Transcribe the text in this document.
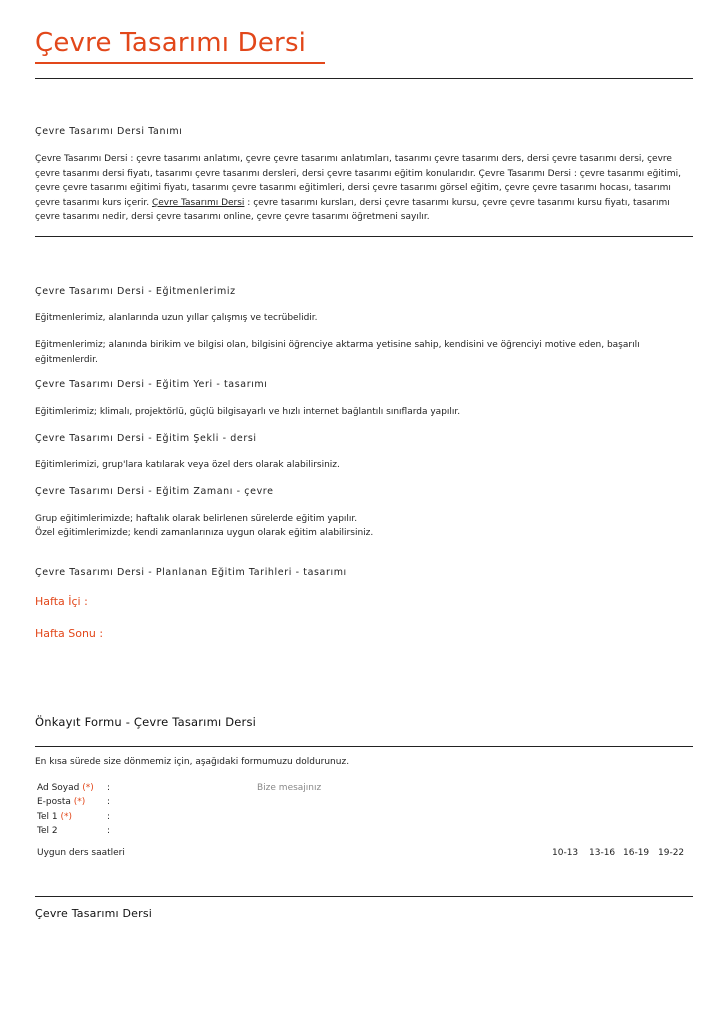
Çevre Tasarımı Dersi

Çevre Tasarımı Dersi Tanımı

Çevre Tasarımı Dersi : çevre tasarımı anlatımı, çevre çevre tasarımı anlatımları, tasarımı çevre tasarımı ders, dersi çevre tasarımı dersi, çevre çevre tasarımı dersi fiyatı, tasarımı çevre tasarımı dersleri, dersi çevre tasarımı eğitim konularıdır. Çevre Tasarımı Dersi : çevre tasarımı eğitimi, çevre çevre tasarımı eğitimi fiyatı, tasarımı çevre tasarımı eğitimleri, dersi çevre tasarımı görsel eğitim, çevre çevre tasarımı hocası, tasarımı çevre tasarımı kurs içerir. Çevre Tasarımı Dersi : çevre tasarımı kursları, dersi çevre tasarımı kursu, çevre çevre tasarımı kursu fiyatı, tasarımı çevre tasarımı nedir, dersi çevre tasarımı online, çevre çevre tasarımı öğretmeni sayılır.

Çevre Tasarımı Dersi - Eğitmenlerimiz

Eğitmenlerimiz, alanlarında uzun yıllar çalışmış ve tecrübelidir.

Eğitmenlerimiz; alanında birikim ve bilgisi olan, bilgisini öğrenciye aktarma yetisine sahip, kendisini ve öğrenciyi motive eden, başarılı eğitmenlerdir.

Çevre Tasarımı Dersi - Eğitim Yeri - tasarımı

Eğitimlerimiz; klimalı, projektörlü, güçlü bilgisayarlı ve hızlı internet bağlantılı sınıflarda yapılır.

Çevre Tasarımı Dersi - Eğitim Şekli - dersi

Eğitimlerimizi, grup'lara katılarak veya özel ders olarak alabilirsiniz.

Çevre Tasarımı Dersi - Eğitim Zamanı - çevre

Grup eğitimlerimizde; haftalık olarak belirlenen sürelerde eğitim yapılır.

Özel eğitimlerimizde; kendi zamanlarınıza uygun olarak eğitim alabilirsiniz.

Çevre Tasarımı Dersi - Planlanan Eğitim Tarihleri - tasarımı

Hafta İçi :

Hafta Sonu :

Önkayıt Formu - Çevre Tasarımı Dersi

En kısa sürede size dönmemiz için, aşağıdaki formumuzu doldurunuz.

Ad Soyad (*) :
E-posta (*) :
Tel 1 (*)	:
Tel 2	:
Bize mesajınız
Uygun ders saatleri	10-13 13-16 16-19 19-22

Çevre Tasarımı Dersi
